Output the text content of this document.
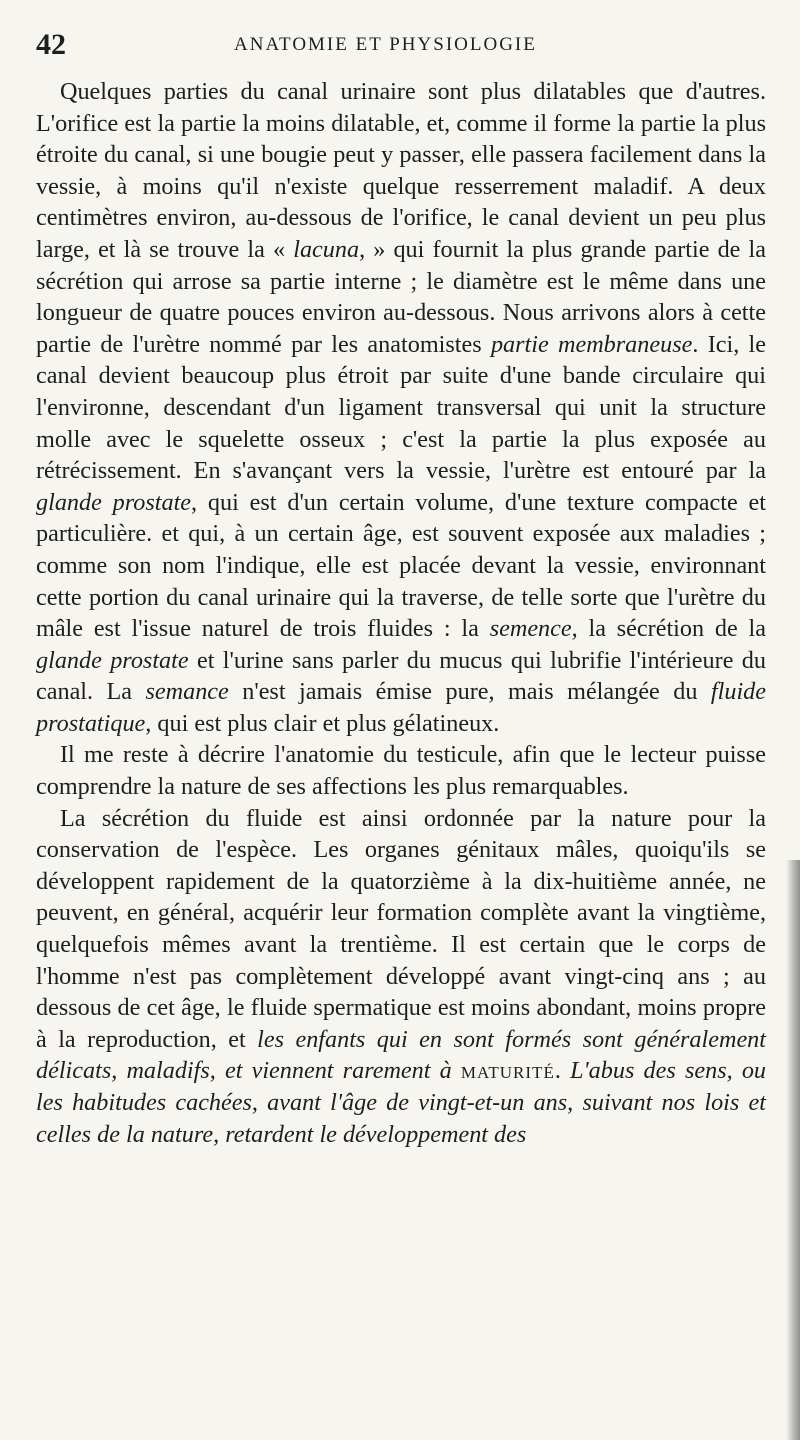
42	ANATOMIE ET PHYSIOLOGIE

Quelques parties du canal urinaire sont plus dilatables que d'autres. L'orifice est la partie la moins dilatable, et, comme il forme la partie la plus étroite du canal, si une bougie peut y passer, elle passera facilement dans la vessie, à moins qu'il n'existe quelque resserrement maladif. A deux centimètres environ, au-dessous de l'orifice, le canal devient un peu plus large, et là se trouve la « lacuna, » qui fournit la plus grande partie de la sécrétion qui arrose sa partie interne ; le diamètre est le même dans une longueur de quatre pouces environ au-dessous. Nous arrivons alors à cette partie de l'urètre nommé par les anatomistes partie membraneuse. Ici, le canal devient beaucoup plus étroit par suite d'une bande circulaire qui l'environne, descendant d'un ligament transversal qui unit la structure molle avec le squelette osseux ; c'est la partie la plus exposée au rétrécissement. En s'avançant vers la vessie, l'urètre est entouré par la glande prostate, qui est d'un certain volume, d'une texture compacte et particulière. et qui, à un certain âge, est souvent exposée aux maladies ; comme son nom l'indique, elle est placée devant la vessie, environnant cette portion du canal urinaire qui la traverse, de telle sorte que l'urètre du mâle est l'issue naturel de trois fluides : la semence, la sécrétion de la glande prostate et l'urine sans parler du mucus qui lubrifie l'intérieure du canal. La semance n'est jamais émise pure, mais mélangée du fluide prostatique, qui est plus clair et plus gélatineux.

Il me reste à décrire l'anatomie du testicule, afin que le lecteur puisse comprendre la nature de ses affections les plus remarquables.

La sécrétion du fluide est ainsi ordonnée par la nature pour la conservation de l'espèce. Les organes génitaux mâles, quoiqu'ils se développent rapidement de la quatorzième à la dix-huitième année, ne peuvent, en général, acquérir leur formation complète avant la vingtième, quelquefois mêmes avant la trentième. Il est certain que le corps de l'homme n'est pas complètement développé avant vingt-cinq ans ; au dessous de cet âge, le fluide spermatique est moins abondant, moins propre à la reproduction, et les enfants qui en sont formés sont généralement délicats, maladifs, et viennent rarement à maturité. L'abus des sens, ou les habitudes cachées, avant l'âge de vingt-et-un ans, suivant nos lois et celles de la nature, retardent le développement des
